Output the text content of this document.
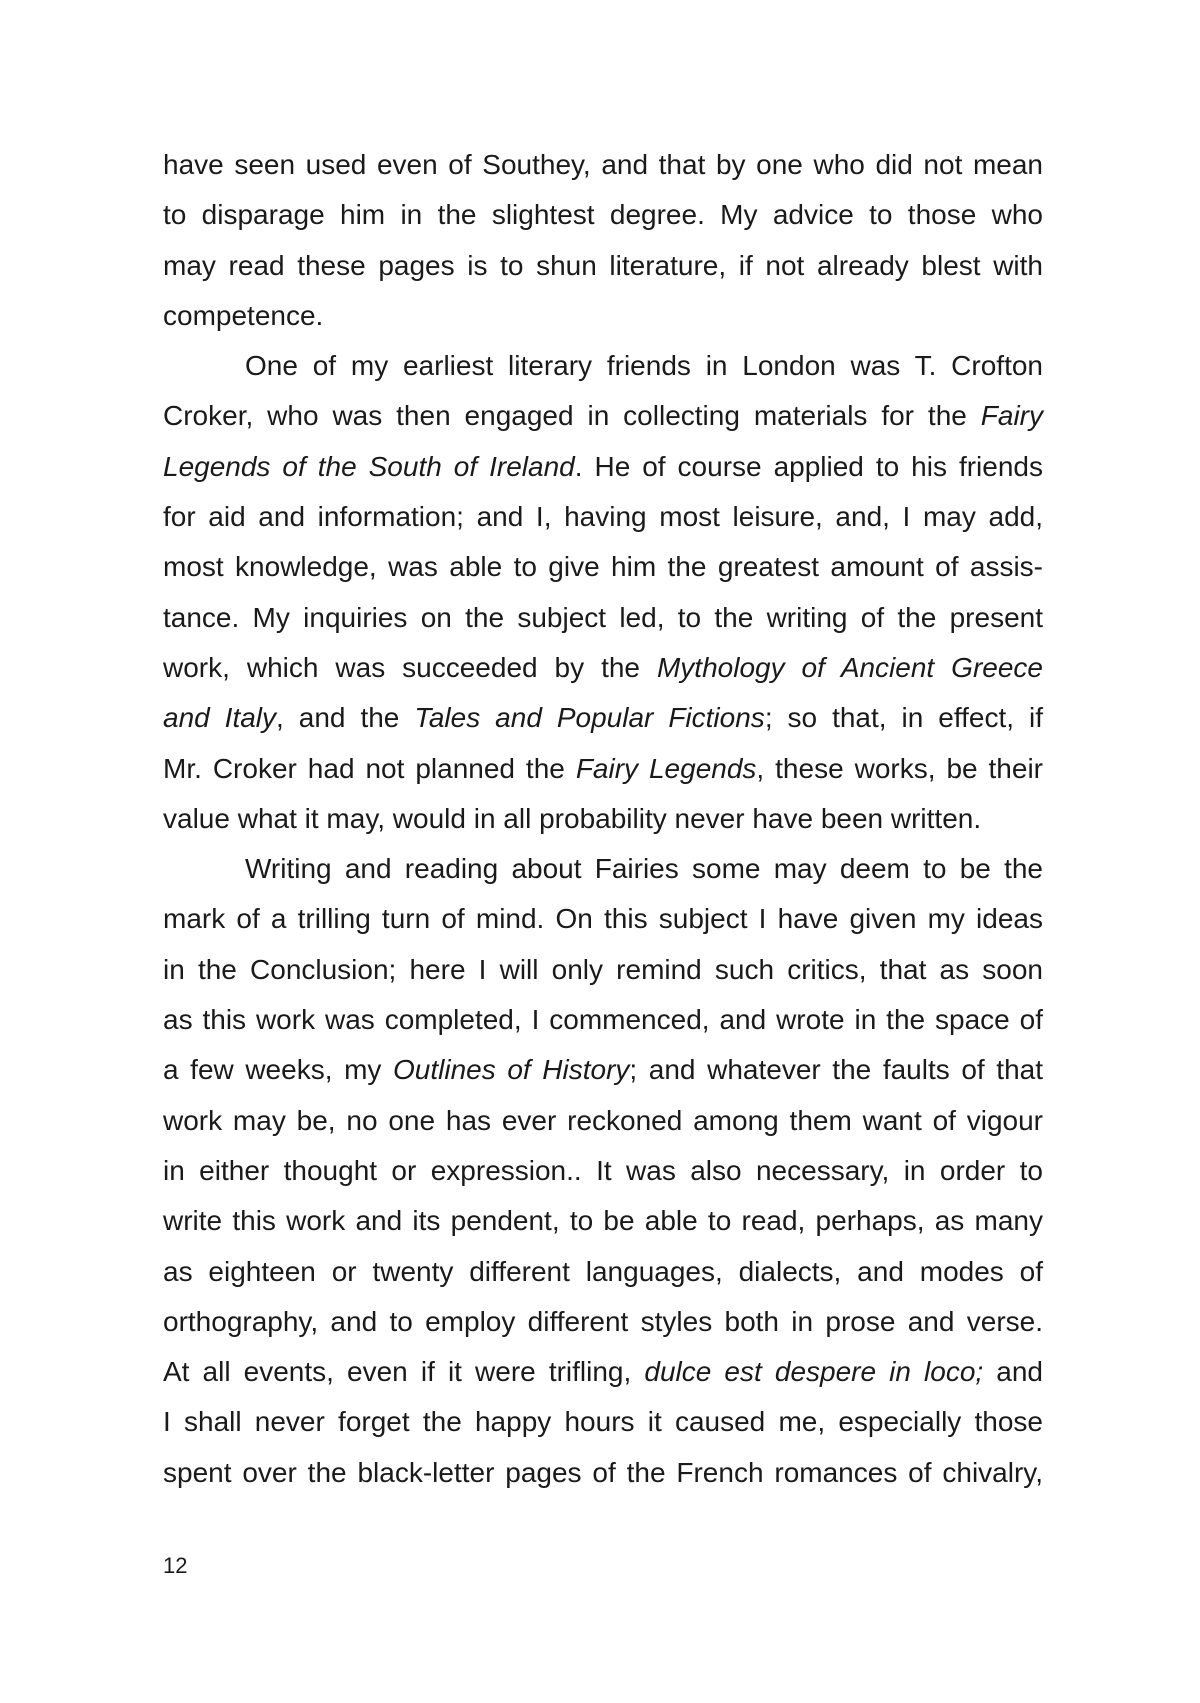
have seen used even of Southey, and that by one who did not mean
to disparage him in the slightest degree. My advice to those who
may read these pages is to shun literature, if not already blest with
competence.
One of my earliest literary friends in London was T. Crofton
Croker, who was then engaged in collecting materials for the Fairy
Legends of the South of Ireland. He of course applied to his friends
for aid and information; and I, having most leisure, and, I may add,
most knowledge, was able to give him the greatest amount of assis-
tance. My inquiries on the subject led, to the writing of the present
work, which was succeeded by the Mythology of Ancient Greece
and Italy, and the Tales and Popular Fictions; so that, in effect, if
Mr. Croker had not planned the Fairy Legends, these works, be their
value what it may, would in all probability never have been written.
Writing and reading about Fairies some may deem to be the
mark of a trilling turn of mind. On this subject I have given my ideas
in the Conclusion; here I will only remind such critics, that as soon
as this work was completed, I commenced, and wrote in the space of
a few weeks, my Outlines of History; and whatever the faults of that
work may be, no one has ever reckoned among them want of vigour
in either thought or expression.. It was also necessary, in order to
write this work and its pendent, to be able to read, perhaps, as many
as eighteen or twenty different languages, dialects, and modes of
orthography, and to employ different styles both in prose and verse.
At all events, even if it were trifling, dulce est despere in loco; and
I shall never forget the happy hours it caused me, especially those
spent over the black-letter pages of the French romances of chivalry,
12
